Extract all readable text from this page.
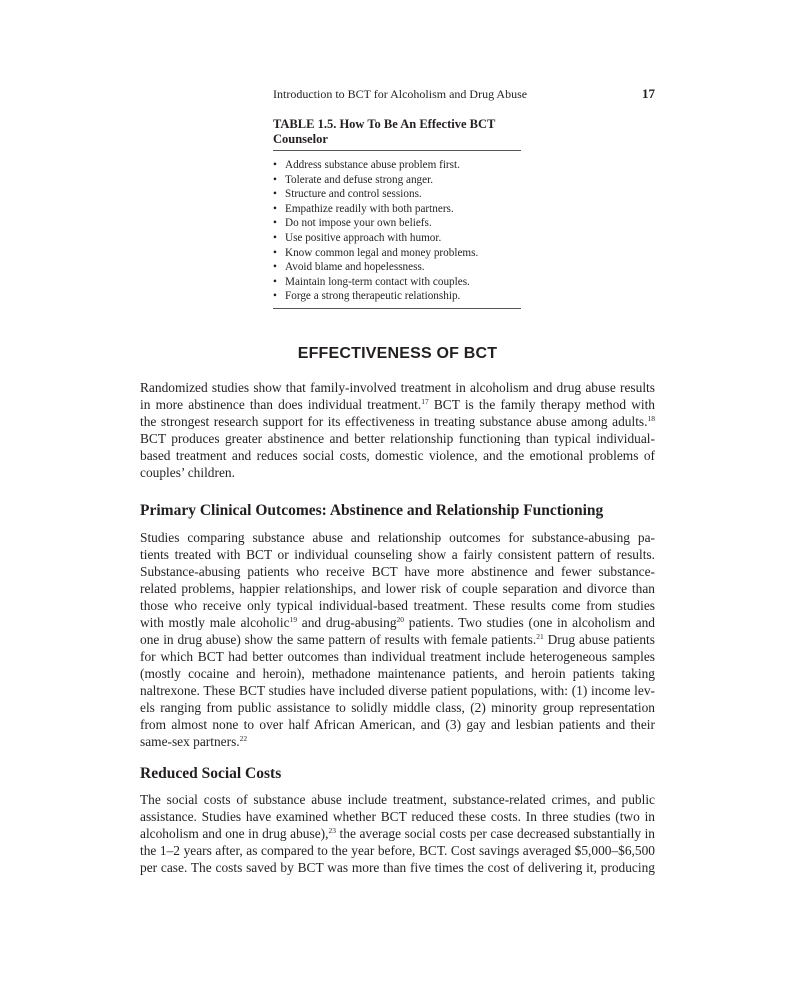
Introduction to BCT for Alcoholism and Drug Abuse	17
TABLE 1.5. How To Be An Effective BCT
Counselor
• Address substance abuse problem first.
• Tolerate and defuse strong anger.
• Structure and control sessions.
• Empathize readily with both partners.
• Do not impose your own beliefs.
• Use positive approach with humor.
• Know common legal and money problems.
• Avoid blame and hopelessness.
• Maintain long-term contact with couples.
• Forge a strong therapeutic relationship.
EFFECTIVENESS OF BCT

Randomized studies show that family-involved treatment in alcoholism and drug abuse results
in more abstinence than does individual treatment.$^{17}$ BCT is the family therapy method with
the strongest research support for its effectiveness in treating substance abuse among adults.$^{18}$
BCT produces greater abstinence and better relationship functioning than typical individual-
based treatment and reduces social costs, domestic violence, and the emotional problems of
couples’ children.

Primary Clinical Outcomes: Abstinence and Relationship Functioning

Studies comparing substance abuse and relationship outcomes for substance-abusing pa-
tients treated with BCT or individual counseling show a fairly consistent pattern of results.
Substance-abusing patients who receive BCT have more abstinence and fewer substance-
related problems, happier relationships, and lower risk of couple separation and divorce than
those who receive only typical individual-based treatment. These results come from studies
with mostly male alcoholic$^{19}$ and drug-abusing$^{20}$ patients. Two studies (one in alcoholism and
one in drug abuse) show the same pattern of results with female patients.$^{21}$ Drug abuse patients
for which BCT had better outcomes than individual treatment include heterogeneous samples
(mostly cocaine and heroin), methadone maintenance patients, and heroin patients taking
naltrexone. These BCT studies have included diverse patient populations, with: (1) income lev-
els ranging from public assistance to solidly middle class, (2) minority group representation
from almost none to over half African American, and (3) gay and lesbian patients and their
same-sex partners.$^{22}$

Reduced Social Costs

The social costs of substance abuse include treatment, substance-related crimes, and public
assistance. Studies have examined whether BCT reduced these costs. In three studies (two in
alcoholism and one in drug abuse),$^{23}$ the average social costs per case decreased substantially in
the 1–2 years after, as compared to the year before, BCT. Cost savings averaged $5,000–$6,500
per case. The costs saved by BCT was more than five times the cost of delivering it, producing
